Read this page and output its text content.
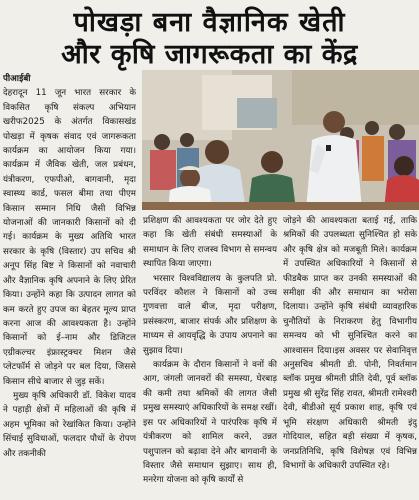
पोखड़ा बना वैज्ञानिक खेती
और कृषि जागरूकता का केंद्र

पीआईबी

देहरादून 11 जून भारत सरकार के विकसित कृषि संकल्प अभियान खरीफ2025 के अंतर्गत विकासखंड पोखड़ा में कृषक संवाद एवं जागरूकता कार्यक्रम का आयोजन किया गया। कार्यक्रम में जैविक खेती, जल प्रबंधन, यंत्रीकरण, एफपीओ, बागवानी, मृदा स्वास्थ्य कार्ड, फसल बीमा तथा पीएम किसान सम्मान निधि जैसी विभिन्न योजनाओं की जानकारी किसानों को दी गई। कार्यक्रम के मुख्य अतिथि भारत सरकार के कृषि (विस्तार) उप सचिव श्री अनूप सिंह बिष्ट ने किसानों को नवाचारी और वैज्ञानिक कृषि अपनाने के लिए प्रेरित किया। उन्होंने कहा कि उत्पादन लागत को कम करते हुए उपज का बेहतर मूल्य प्राप्त करना आज की आवश्यकता है। उन्होंने किसानों को ई–नाम और डिजिटल एग्रीकल्चर इंफ्रास्ट्रक्चर मिशन जैसे प्लेटफॉर्म से जोड़ने पर बल दिया, जिससे किसान सीधे बाजार से जुड़ सकें।

मुख्य कृषि अधिकारी डॉ. विकेश यादव ने पहाड़ी क्षेत्रों में महिलाओं की कृषि में अहम भूमिका को रेखांकित किया। उन्होंने सिंचाई सुविधाओं, फलदार पौधों के रोपण और तकनीकी

प्रशिक्षण की आवश्यकता पर जोर देते हुए कहा कि खेती संबंधी समस्याओं के समाधान के लिए राजस्व विभाग से समन्वय स्थापित किया जाएगा।

भरसार विश्वविद्यालय के कुलपति प्रो. परविंदर कौशल ने किसानों को उच्च गुणवत्ता वाले बीज, मृदा परीक्षण, प्रसंस्करण, बाजार संपर्क और प्रशिक्षण के माध्यम से आयवृद्धि के उपाय अपनाने का सुझाव दिया।

कार्यक्रम के दौरान किसानों ने वनों की आग, जंगली जानवरों की समस्या, घेरबाड़ की कमी तथा श्रमिकों की लागत जैसी प्रमुख समस्याएं अधिकारियों के समक्ष रखीं। इस पर अधिकारियों ने पारंपरिक कृषि में यंत्रीकरण को शामिल करने, उन्नत पशुपालन को बढ़ावा देने और बागवानी के विस्तार जैसे समाधान सुझाए। साथ ही, मनरेगा योजना को कृषि कार्यों से

जोड़ने की आवश्यकता बताई गई, ताकि श्रमिकों की उपलब्धता सुनिश्चित हो सके और कृषि क्षेत्र को मजबूती मिले। कार्यक्रम में उपस्थित अधिकारियों ने किसानों से फीडबैक प्राप्त कर उनकी समस्याओं की समीक्षा की और समाधान का भरोसा दिलाया। उन्होंने कृषि संबंधी व्यावहारिक चुनौतियों के निराकरण हेतु विभागीय समन्वय को भी सुनिश्चित करने का आश्वासन दिया।इस अवसर पर सेवानिवृत्त अनुसचिव श्रीमती डी. पोनी, निवर्तमान ब्लॉक प्रमुख श्रीमती प्रीति देवी, पूर्व ब्लॉक प्रमुख श्री सुरेंद्र सिंह रावत, श्रीमती रामेश्वरी देवी, बीडीओ सूर्य प्रकाश शाह, कृषि एवं भूमि संरक्षण अधिकारी श्रीमती इंदु गोदियाल, सहित बड़ी संख्या में कृषक, जनप्रतिनिधि, कृषि विशेषज्ञ एवं विभिन्न विभागों के अधिकारी उपस्थित रहे।
